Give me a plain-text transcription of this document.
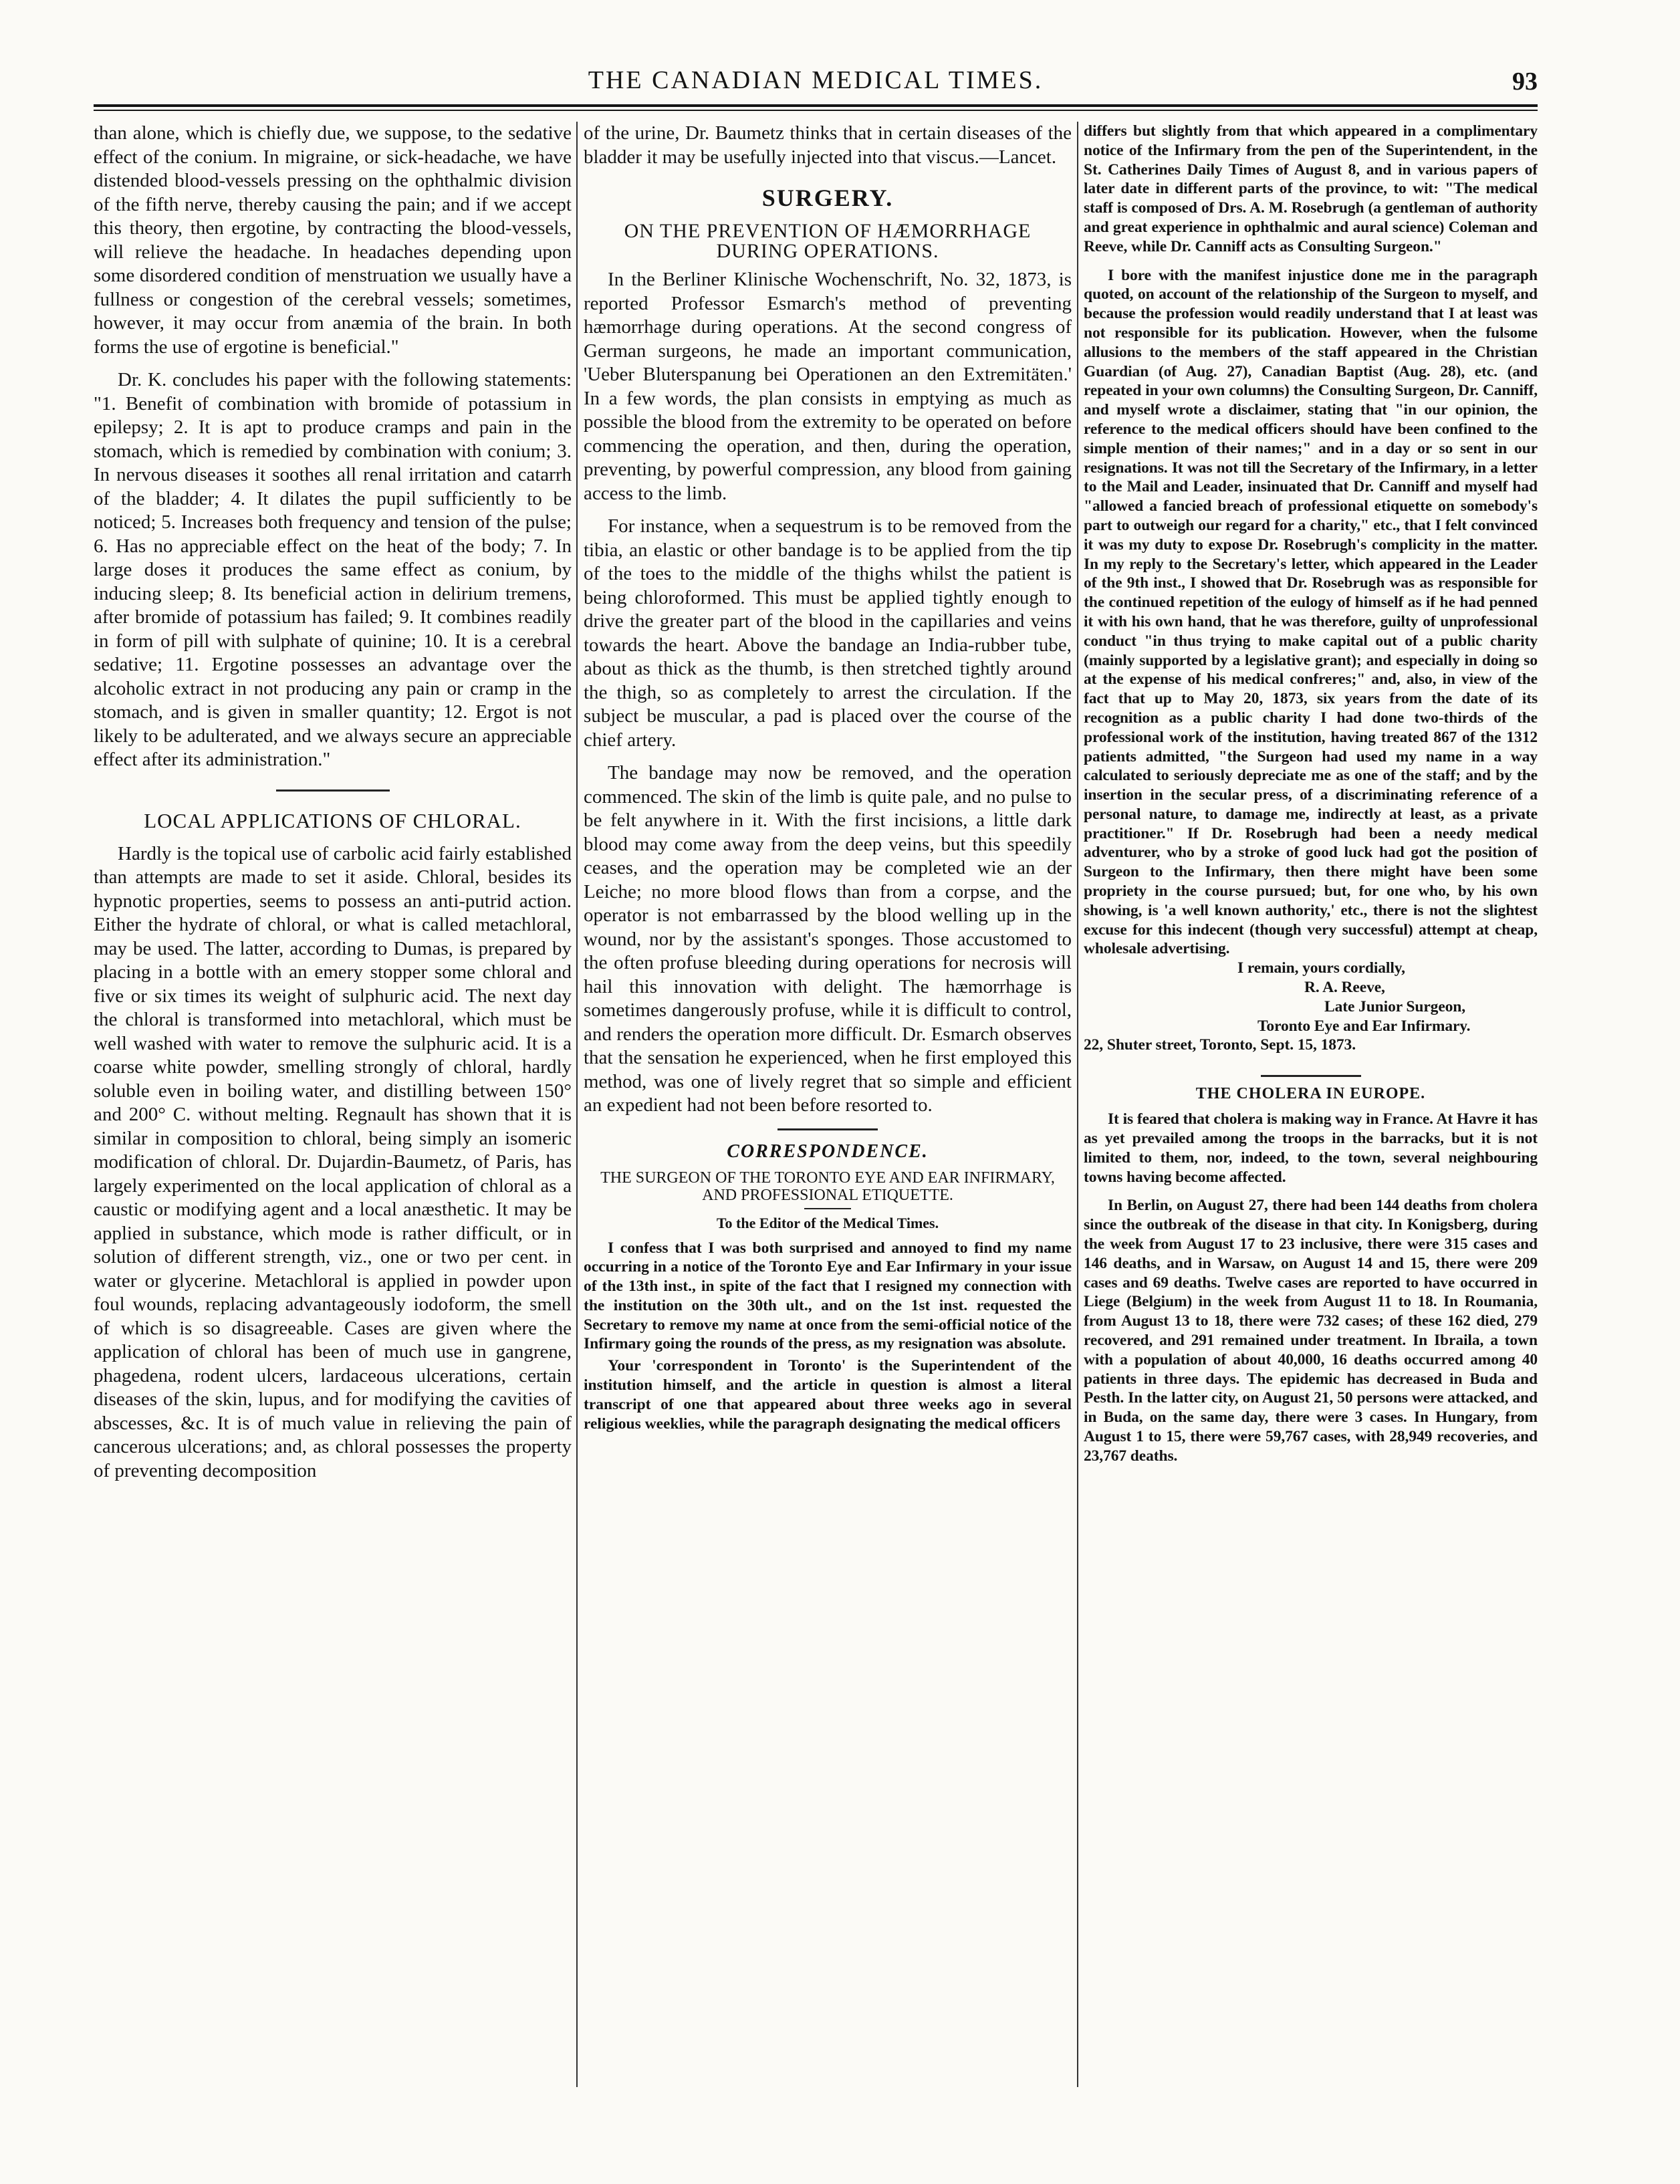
THE CANADIAN MEDICAL TIMES.	93

than alone, which is chiefly due, we suppose, to the sedative effect of the conium. In migraine, or sick-headache, we have distended blood-vessels pressing on the ophthalmic division of the fifth nerve, thereby causing the pain; and if we accept this theory, then ergotine, by contracting the blood-vessels, will relieve the headache. In headaches depending upon some disordered condition of menstruation we usually have a fullness or congestion of the cerebral vessels; sometimes, however, it may occur from anæmia of the brain. In both forms the use of ergotine is beneficial."

Dr. K. concludes his paper with the following statements: "1. Benefit of combination with bromide of potassium in epilepsy; 2. It is apt to produce cramps and pain in the stomach, which is remedied by combination with conium; 3. In nervous diseases it soothes all renal irritation and catarrh of the bladder; 4. It dilates the pupil sufficiently to be noticed; 5. Increases both frequency and tension of the pulse; 6. Has no appreciable effect on the heat of the body; 7. In large doses it produces the same effect as conium, by inducing sleep; 8. Its beneficial action in delirium tremens, after bromide of potassium has failed; 9. It combines readily in form of pill with sulphate of quinine; 10. It is a cerebral sedative; 11. Ergotine possesses an advantage over the alcoholic extract in not producing any pain or cramp in the stomach, and is given in smaller quantity; 12. Ergot is not likely to be adulterated, and we always secure an appreciable effect after its administration."

LOCAL APPLICATIONS OF CHLORAL.

Hardly is the topical use of carbolic acid fairly established than attempts are made to set it aside. Chloral, besides its hypnotic properties, seems to possess an anti-putrid action. Either the hydrate of chloral, or what is called metachloral, may be used. The latter, according to Dumas, is prepared by placing in a bottle with an emery stopper some chloral and five or six times its weight of sulphuric acid. The next day the chloral is transformed into metachloral, which must be well washed with water to remove the sulphuric acid. It is a coarse white powder, smelling strongly of chloral, hardly soluble even in boiling water, and distilling between 150° and 200° C. without melting. Regnault has shown that it is similar in composition to chloral, being simply an isomeric modification of chloral. Dr. Dujardin-Baumetz, of Paris, has largely experimented on the local application of chloral as a caustic or modifying agent and a local anæsthetic. It may be applied in substance, which mode is rather difficult, or in solution of different strength, viz., one or two per cent. in water or glycerine. Metachloral is applied in powder upon foul wounds, replacing advantageously iodoform, the smell of which is so disagreeable. Cases are given where the application of chloral has been of much use in gangrene, phagedena, rodent ulcers, lardaceous ulcerations, certain diseases of the skin, lupus, and for modifying the cavities of abscesses, &c. It is of much value in relieving the pain of cancerous ulcerations; and, as chloral possesses the property of preventing decomposition

of the urine, Dr. Baumetz thinks that in certain diseases of the bladder it may be usefully injected into that viscus.—Lancet.

SURGERY.
ON THE PREVENTION OF HÆMORRHAGE DURING OPERATIONS.

In the Berliner Klinische Wochenschrift, No. 32, 1873, is reported Professor Esmarch's method of preventing hæmorrhage during operations. At the second congress of German surgeons, he made an important communication, 'Ueber Bluterspanung bei Operationen an den Extremitäten.' In a few words, the plan consists in emptying as much as possible the blood from the extremity to be operated on before commencing the operation, and then, during the operation, preventing, by powerful compression, any blood from gaining access to the limb.

For instance, when a sequestrum is to be removed from the tibia, an elastic or other bandage is to be applied from the tip of the toes to the middle of the thighs whilst the patient is being chloroformed. This must be applied tightly enough to drive the greater part of the blood in the capillaries and veins towards the heart. Above the bandage an India-rubber tube, about as thick as the thumb, is then stretched tightly around the thigh, so as completely to arrest the circulation. If the subject be muscular, a pad is placed over the course of the chief artery.

The bandage may now be removed, and the operation commenced. The skin of the limb is quite pale, and no pulse to be felt anywhere in it. With the first incisions, a little dark blood may come away from the deep veins, but this speedily ceases, and the operation may be completed wie an der Leiche; no more blood flows than from a corpse, and the operator is not embarrassed by the blood welling up in the wound, nor by the assistant's sponges. Those accustomed to the often profuse bleeding during operations for necrosis will hail this innovation with delight. The hæmorrhage is sometimes dangerously profuse, while it is difficult to control, and renders the operation more difficult. Dr. Esmarch observes that the sensation he experienced, when he first employed this method, was one of lively regret that so simple and efficient an expedient had not been before resorted to.

CORRESPONDENCE.
THE SURGEON OF THE TORONTO EYE AND EAR INFIRMARY, AND PROFESSIONAL ETIQUETTE.
To the Editor of the Medical Times.

I confess that I was both surprised and annoyed to find my name occurring in a notice of the Toronto Eye and Ear Infirmary in your issue of the 13th inst., in spite of the fact that I resigned my connection with the institution on the 30th ult., and on the 1st inst. requested the Secretary to remove my name at once from the semi-official notice of the Infirmary going the rounds of the press, as my resignation was absolute.

Your 'correspondent in Toronto' is the Superintendent of the institution himself, and the article in question is almost a literal transcript of one that appeared about three weeks ago in several religious weeklies, while the paragraph designating the medical officers

differs but slightly from that which appeared in a complimentary notice of the Infirmary from the pen of the Superintendent, in the St. Catherines Daily Times of August 8, and in various papers of later date in different parts of the province, to wit: "The medical staff is composed of Drs. A. M. Rosebrugh (a gentleman of authority and great experience in ophthalmic and aural science) Coleman and Reeve, while Dr. Canniff acts as Consulting Surgeon."

I bore with the manifest injustice done me in the paragraph quoted, on account of the relationship of the Surgeon to myself, and because the profession would readily understand that I at least was not responsible for its publication. However, when the fulsome allusions to the members of the staff appeared in the Christian Guardian (of Aug. 27), Canadian Baptist (Aug. 28), etc. (and repeated in your own columns) the Consulting Surgeon, Dr. Canniff, and myself wrote a disclaimer, stating that "in our opinion, the reference to the medical officers should have been confined to the simple mention of their names;" and in a day or so sent in our resignations. It was not till the Secretary of the Infirmary, in a letter to the Mail and Leader, insinuated that Dr. Canniff and myself had "allowed a fancied breach of professional etiquette on somebody's part to outweigh our regard for a charity," etc., that I felt convinced it was my duty to expose Dr. Rosebrugh's complicity in the matter. In my reply to the Secretary's letter, which appeared in the Leader of the 9th inst., I showed that Dr. Rosebrugh was as responsible for the continued repetition of the eulogy of himself as if he had penned it with his own hand, that he was therefore, guilty of unprofessional conduct "in thus trying to make capital out of a public charity (mainly supported by a legislative grant); and especially in doing so at the expense of his medical confreres;" and, also, in view of the fact that up to May 20, 1873, six years from the date of its recognition as a public charity I had done two-thirds of the professional work of the institution, having treated 867 of the 1312 patients admitted, "the Surgeon had used my name in a way calculated to seriously depreciate me as one of the staff; and by the insertion in the secular press, of a discriminating reference of a personal nature, to damage me, indirectly at least, as a private practitioner." If Dr. Rosebrugh had been a needy medical adventurer, who by a stroke of good luck had got the position of Surgeon to the Infirmary, then there might have been some propriety in the course pursued; but, for one who, by his own showing, is 'a well known authority,' etc., there is not the slightest excuse for this indecent (though very successful) attempt at cheap, wholesale advertising.

I remain, yours cordially,

R. A. Reeve,

Late Junior Surgeon,

Toronto Eye and Ear Infirmary.

22, Shuter street, Toronto, Sept. 15, 1873.

THE CHOLERA IN EUROPE.

It is feared that cholera is making way in France. At Havre it has as yet prevailed among the troops in the barracks, but it is not limited to them, nor, indeed, to the town, several neighbouring towns having become affected.

In Berlin, on August 27, there had been 144 deaths from cholera since the outbreak of the disease in that city. In Konigsberg, during the week from August 17 to 23 inclusive, there were 315 cases and 146 deaths, and in Warsaw, on August 14 and 15, there were 209 cases and 69 deaths. Twelve cases are reported to have occurred in Liege (Belgium) in the week from August 11 to 18. In Roumania, from August 13 to 18, there were 732 cases; of these 162 died, 279 recovered, and 291 remained under treatment. In Ibraila, a town with a population of about 40,000, 16 deaths occurred among 40 patients in three days. The epidemic has decreased in Buda and Pesth. In the latter city, on August 21, 50 persons were attacked, and in Buda, on the same day, there were 3 cases. In Hungary, from August 1 to 15, there were 59,767 cases, with 28,949 recoveries, and 23,767 deaths.
